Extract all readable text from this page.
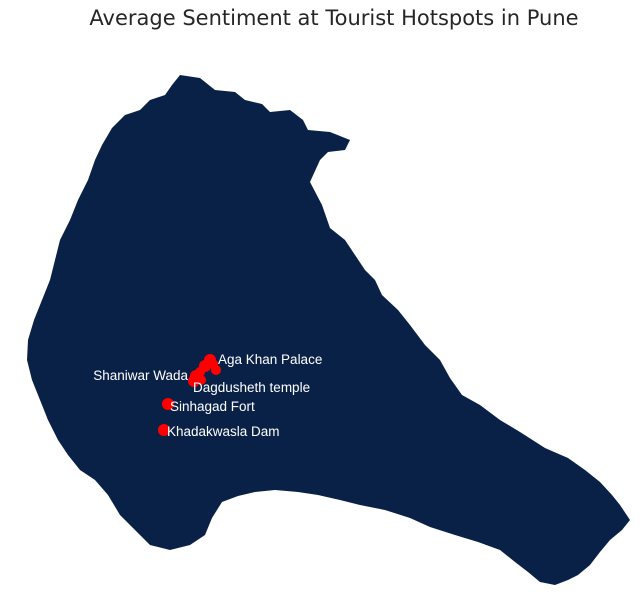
Average Sentiment at Tourist Hotspots in Pune
Aga Khan Palace
Shaniwar Wada
Dagdusheth temple
Sinhagad Fort
Khadakwasla Dam
